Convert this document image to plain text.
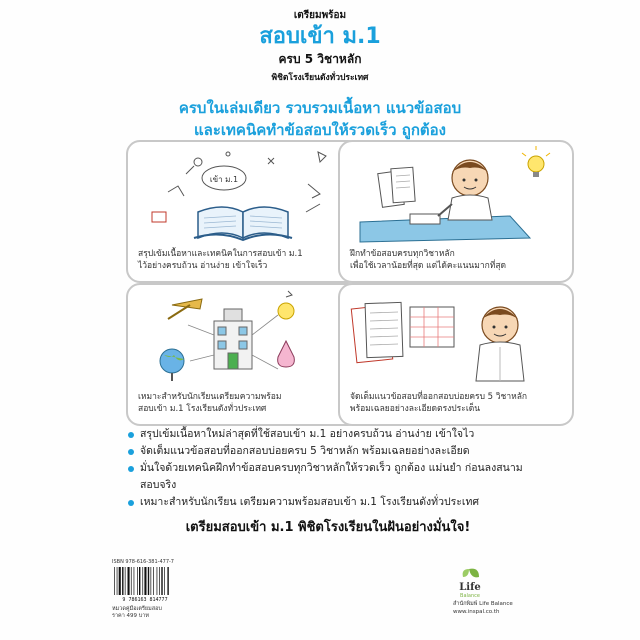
เตรียมพร้อม
สอบเข้า ม.1
ครบ 5 วิชาหลัก
พิชิตโรงเรียนดังทั่วประเทศ
ครบในเล่มเดียว รวบรวมเนื้อหา แนวข้อสอบ
และเทคนิคทำข้อสอบให้รวดเร็ว ถูกต้อง
เข้า ม.1
สรุปเข้มเนื้อหาและเทคนิคในการสอบเข้า ม.1
ไว้อย่างครบถ้วน อ่านง่าย เข้าใจเร็ว
ฝึกทำข้อสอบครบทุกวิชาหลัก
เพื่อใช้เวลาน้อยที่สุด แต่ได้คะแนนมากที่สุด
เหมาะสำหรับนักเรียนเตรียมความพร้อม
สอบเข้า ม.1 โรงเรียนดังทั่วประเทศ
จัดเต็มแนวข้อสอบที่ออกสอบบ่อยครบ 5 วิชาหลัก
พร้อมเฉลยอย่างละเอียดตรงประเด็น
สรุปเข้มเนื้อหาใหม่ล่าสุดที่ใช้สอบเข้า ม.1 อย่างครบถ้วน อ่านง่าย เข้าใจไว
จัดเต็มแนวข้อสอบที่ออกสอบบ่อยครบ 5 วิชาหลัก พร้อมเฉลยอย่างละเอียด
มั่นใจด้วยเทคนิคฝึกทำข้อสอบครบทุกวิชาหลักให้รวดเร็ว ถูกต้อง แม่นยำ ก่อนลงสนามสอบจริง
เหมาะสำหรับนักเรียน เตรียมความพร้อมสอบเข้า ม.1 โรงเรียนดังทั่วประเทศ
เตรียมสอบเข้า ม.1 พิชิตโรงเรียนในฝันอย่างมั่นใจ!
ISBN 978-616-381-477-7
9 786163 814777
หมวดคู่มือเตรียมสอบ
ราคา 499 บาท
Life
Balance
สำนักพิมพ์ Life Balance
www.inspal.co.th
